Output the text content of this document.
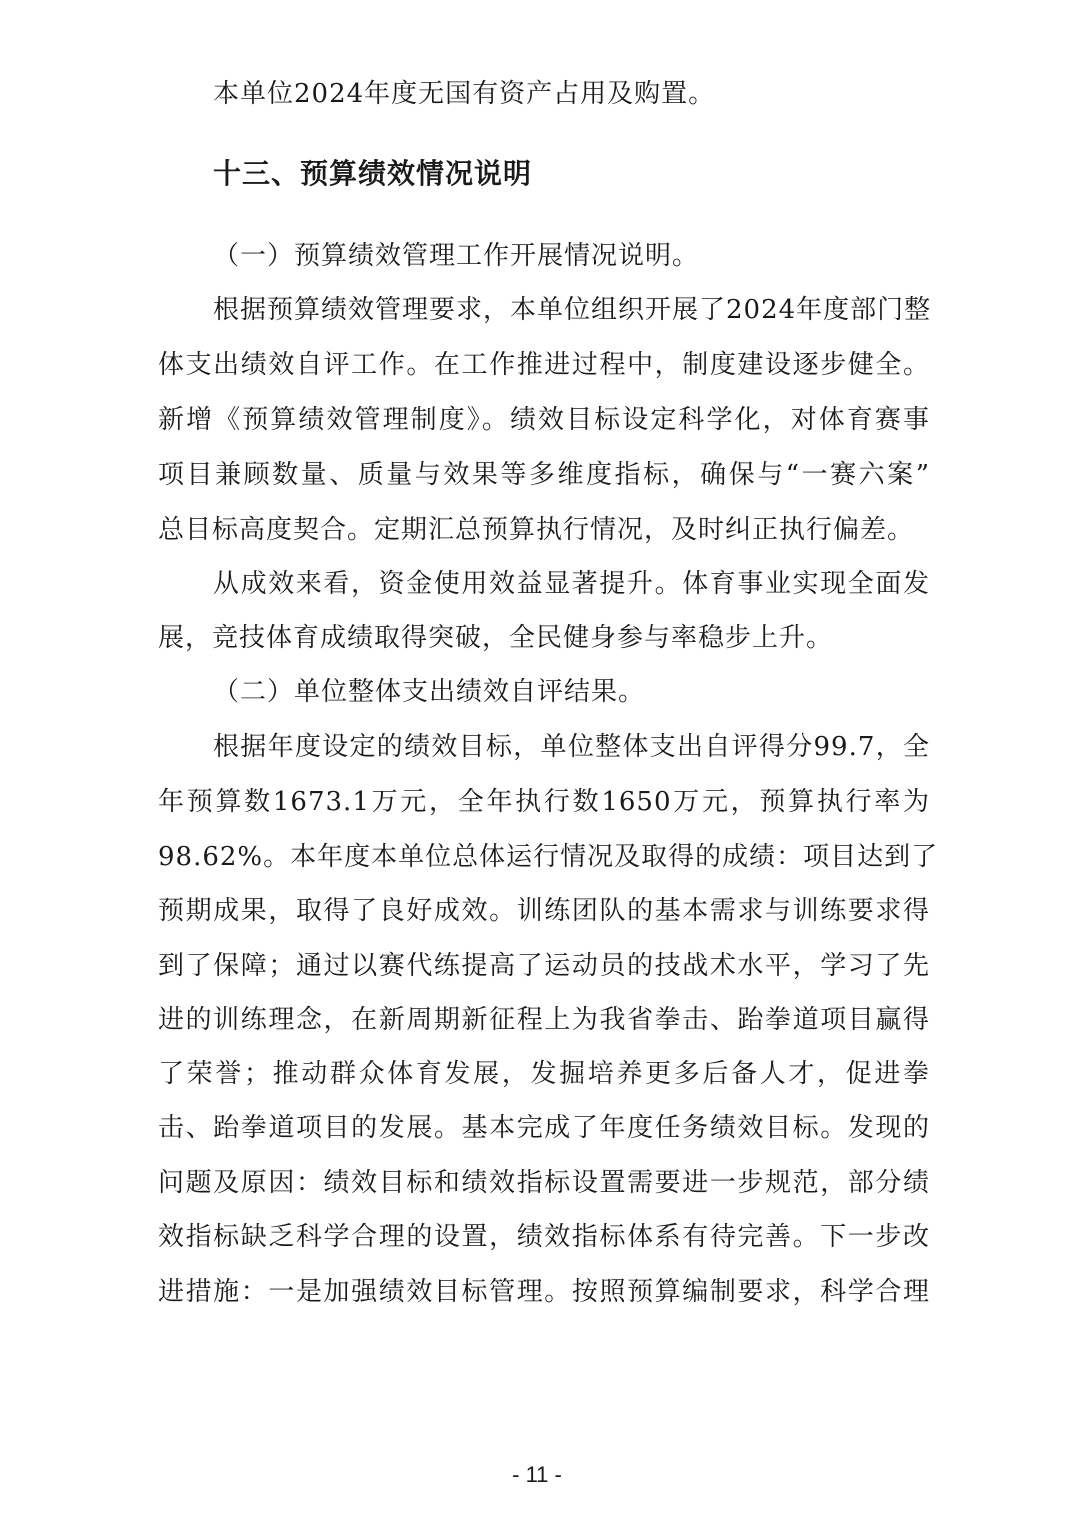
本单位2024年度无国有资产占用及购置。
十三、预算绩效情况说明
（一）预算绩效管理工作开展情况说明。
根据预算绩效管理要求，本单位组织开展了2024年度部门整
体支出绩效自评工作。在工作推进过程中，制度建设逐步健全。
新增《预算绩效管理制度》。绩效目标设定科学化，对体育赛事
项目兼顾数量、质量与效果等多维度指标，确保与“一赛六案”
总目标高度契合。定期汇总预算执行情况，及时纠正执行偏差。
从成效来看，资金使用效益显著提升。体育事业实现全面发
展，竞技体育成绩取得突破，全民健身参与率稳步上升。
（二）单位整体支出绩效自评结果。
根据年度设定的绩效目标，单位整体支出自评得分99.7，全
年预算数1673.1万元，全年执行数1650万元，预算执行率为
98.62%。本年度本单位总体运行情况及取得的成绩：项目达到了
预期成果，取得了良好成效。训练团队的基本需求与训练要求得
到了保障；通过以赛代练提高了运动员的技战术水平，学习了先
进的训练理念，在新周期新征程上为我省拳击、跆拳道项目赢得
了荣誉；推动群众体育发展，发掘培养更多后备人才，促进拳
击、跆拳道项目的发展。基本完成了年度任务绩效目标。发现的
问题及原因：绩效目标和绩效指标设置需要进一步规范，部分绩
效指标缺乏科学合理的设置，绩效指标体系有待完善。下一步改
进措施：一是加强绩效目标管理。按照预算编制要求，科学合理
- 11 -
